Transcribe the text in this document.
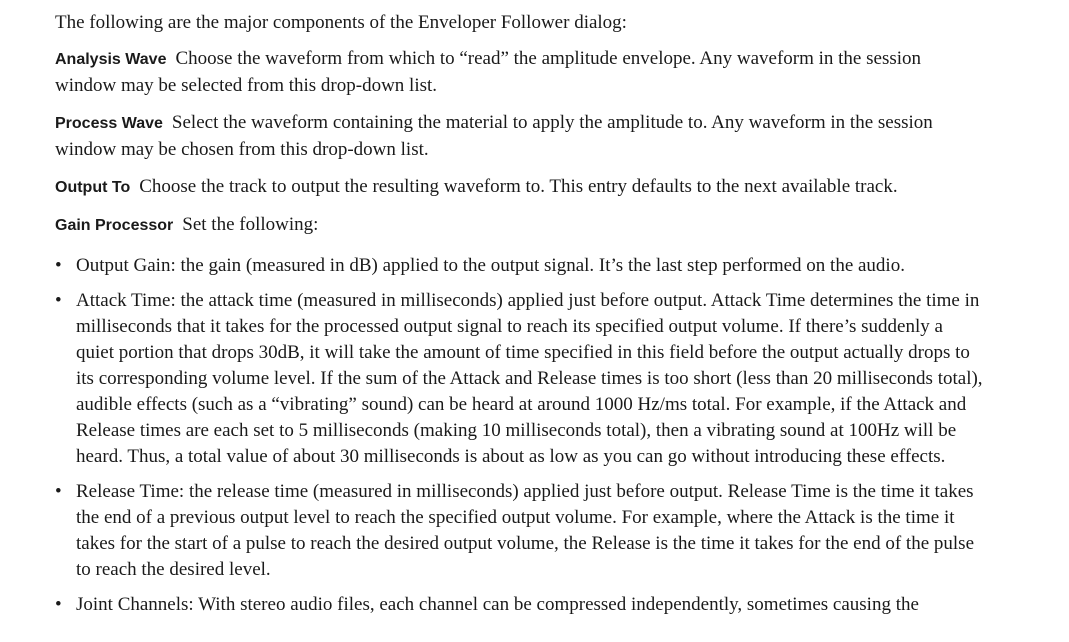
The following are the major components of the Enveloper Follower dialog:

Analysis Wave Choose the waveform from which to “read” the amplitude envelope. Any waveform in the session window may be selected from this drop-down list.

Process Wave Select the waveform containing the material to apply the amplitude to. Any waveform in the session window may be chosen from this drop-down list.

Output To Choose the track to output the resulting waveform to. This entry defaults to the next available track.

Gain Processor Set the following:

• Output Gain: the gain (measured in dB) applied to the output signal. It’s the last step performed on the audio.
• Attack Time: the attack time (measured in milliseconds) applied just before output. Attack Time determines the time in milliseconds that it takes for the processed output signal to reach its specified output volume. If there’s suddenly a quiet portion that drops 30dB, it will take the amount of time specified in this field before the output actually drops to its corresponding volume level. If the sum of the Attack and Release times is too short (less than 20 milliseconds total), audible effects (such as a “vibrating” sound) can be heard at around 1000 Hz/ms total. For example, if the Attack and Release times are each set to 5 milliseconds (making 10 milliseconds total), then a vibrating sound at 100Hz will be heard. Thus, a total value of about 30 milliseconds is about as low as you can go without introducing these effects.
• Release Time: the release time (measured in milliseconds) applied just before output. Release Time is the time it takes the end of a previous output level to reach the specified output volume. For example, where the Attack is the time it takes for the start of a pulse to reach the desired output volume, the Release is the time it takes for the end of the pulse to reach the desired level.
• Joint Channels: With stereo audio files, each channel can be compressed independently, sometimes causing the
